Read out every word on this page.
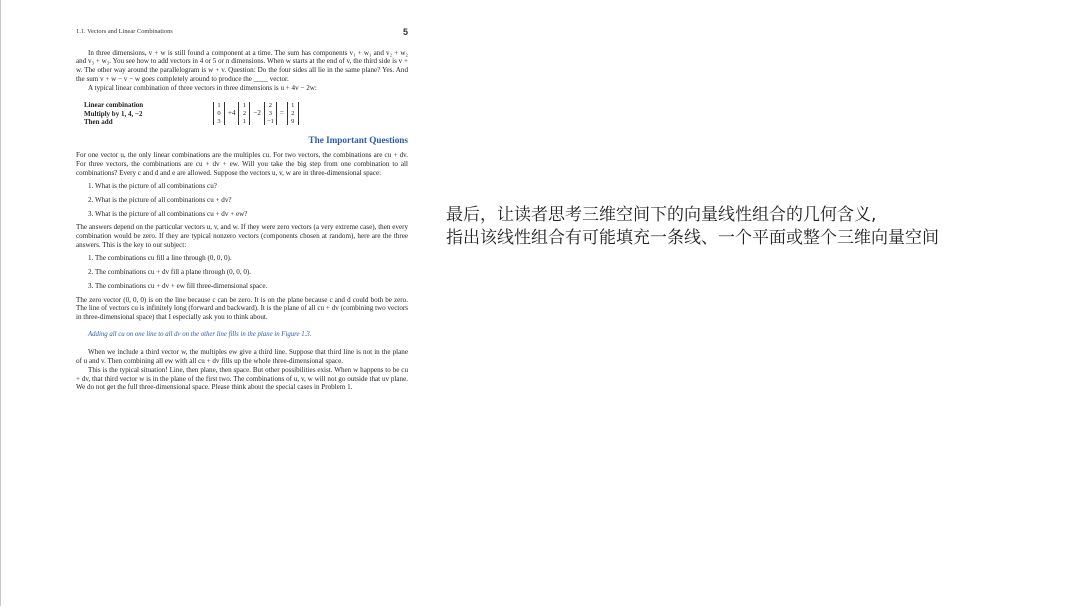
1.1. Vectors and Linear Combinations	5

In three dimensions, v + w is still found a component at a time. The sum has components v₁ + w₁ and v₂ + w₂ and v₃ + w₃. You see how to add vectors in 4 or 5 or n dimensions. When w starts at the end of v, the third side is v + w. The other way around the parallelogram is w + v. Question: Do the four sides all lie in the same plane? Yes. And the sum v + w − v − w goes completely around to produce the ____ vector.

A typical linear combination of three vectors in three dimensions is u + 4v − 2w:

Linear combination
Multiply by 1, 4, −2
Then add
1
0
3
+4
1
2
1
−2
2
3
−1
=
1
2
9
The Important Questions

For one vector u, the only linear combinations are the multiples cu. For two vectors, the combinations are cu + dv. For three vectors, the combinations are cu + dv + ew. Will you take the big step from one combination to all combinations? Every c and d and e are allowed. Suppose the vectors u, v, w are in three-dimensional space:

1. What is the picture of all combinations cu?
2. What is the picture of all combinations cu + dv?
3. What is the picture of all combinations cu + dv + ew?

The answers depend on the particular vectors u, v, and w. If they were zero vectors (a very extreme case), then every combination would be zero. If they are typical nonzero vectors (components chosen at random), here are the three answers. This is the key to our subject:

1. The combinations cu fill a line through (0, 0, 0).
2. The combinations cu + dv fill a plane through (0, 0, 0).
3. The combinations cu + dv + ew fill three-dimensional space.

The zero vector (0, 0, 0) is on the line because c can be zero. It is on the plane because c and d could both be zero. The line of vectors cu is infinitely long (forward and backward). It is the plane of all cu + dv (combining two vectors in three-dimensional space) that I especially ask you to think about.

Adding all cu on one line to all dv on the other line fills in the plane in Figure 1.3.

When we include a third vector w, the multiples ew give a third line. Suppose that third line is not in the plane of u and v. Then combining all ew with all cu + dv fills up the whole three-dimensional space.

This is the typical situation! Line, then plane, then space. But other possibilities exist. When w happens to be cu + dv, that third vector w is in the plane of the first two. The combinations of u, v, w will not go outside that uv plane. We do not get the full three-dimensional space. Please think about the special cases in Problem 1.

最后，让读者思考三维空间下的向量线性组合的几何含义,
指出该线性组合有可能填充一条线、一个平面或整个三维向量空间
